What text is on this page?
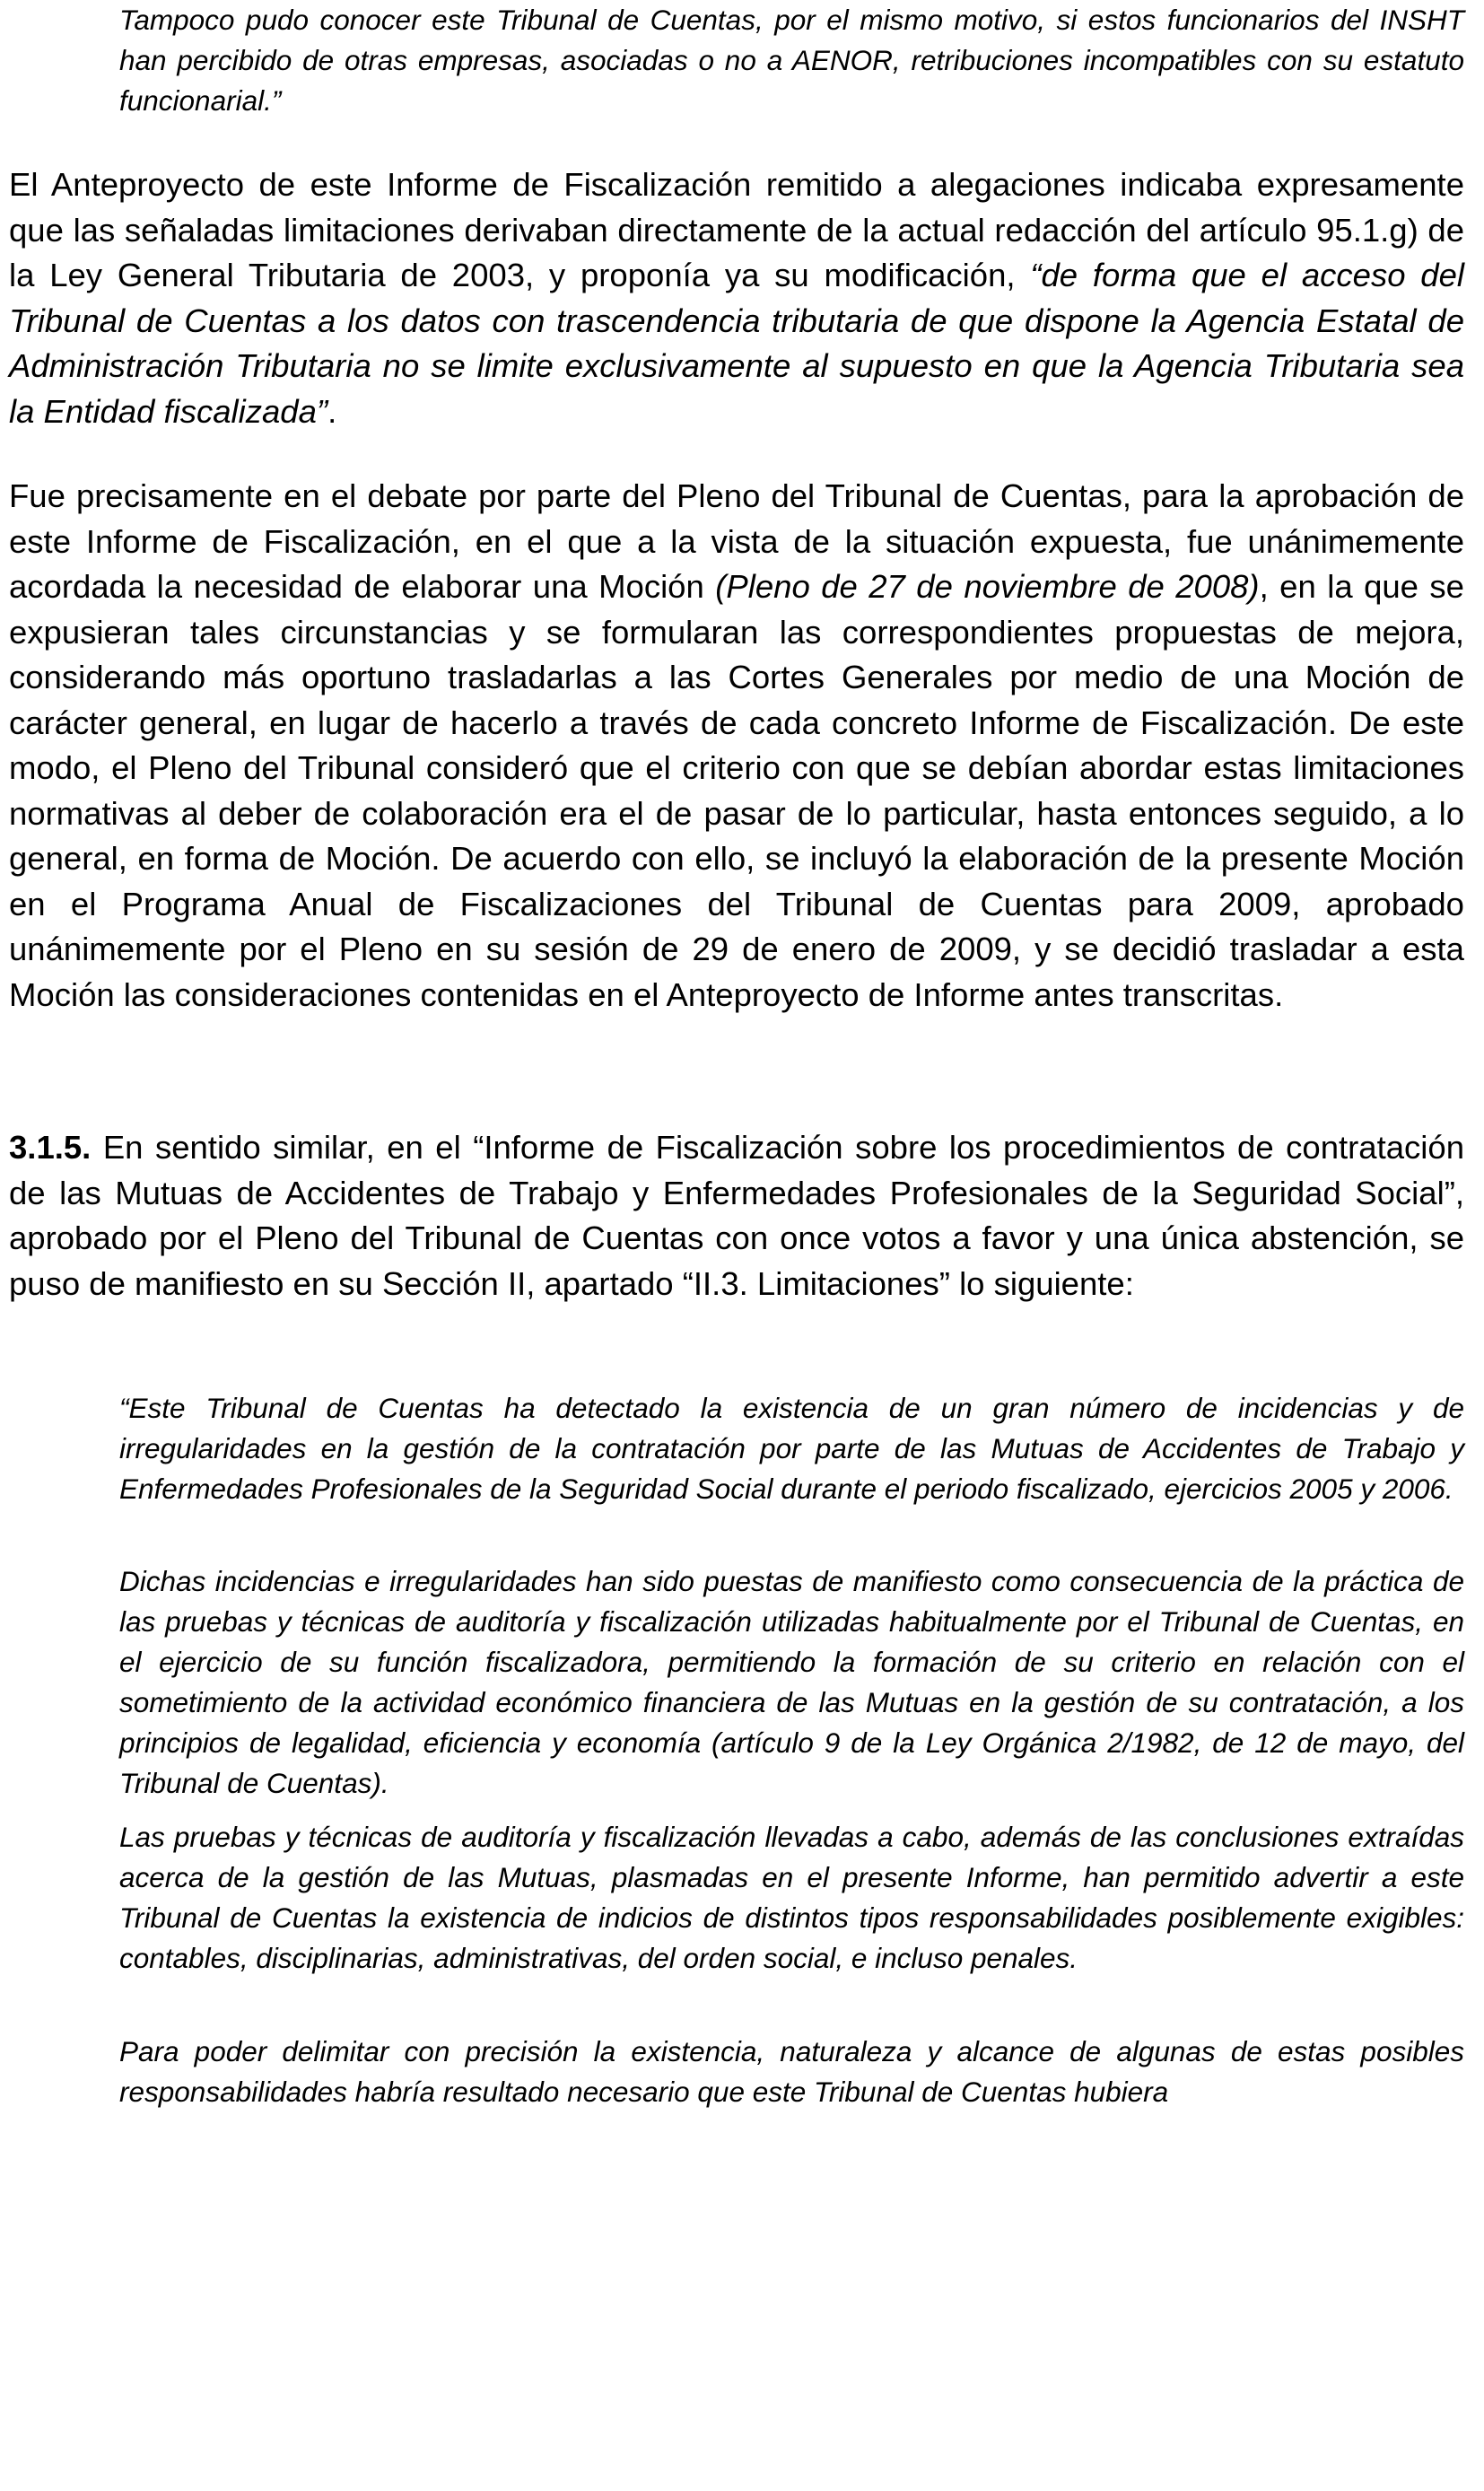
Tampoco pudo conocer este Tribunal de Cuentas, por el mismo motivo, si estos funcionarios del INSHT han percibido de otras empresas, asociadas o no a AENOR, retribuciones incompatibles con su estatuto funcionarial.”

El Anteproyecto de este Informe de Fiscalización remitido a alegaciones indicaba expresamente que las señaladas limitaciones derivaban directamente de la actual redacción del artículo 95.1.g) de la Ley General Tributaria de 2003, y proponía ya su modificación, “de forma que el acceso del Tribunal de Cuentas a los datos con trascendencia tributaria de que dispone la Agencia Estatal de Administración Tributaria no se limite exclusivamente al supuesto en que la Agencia Tributaria sea la Entidad fiscalizada”.

Fue precisamente en el debate por parte del Pleno del Tribunal de Cuentas, para la aprobación de este Informe de Fiscalización, en el que a la vista de la situación expuesta, fue unánimemente acordada la necesidad de elaborar una Moción (Pleno de 27 de noviembre de 2008), en la que se expusieran tales circunstancias y se formularan las correspondientes propuestas de mejora, considerando más oportuno trasladarlas a las Cortes Generales por medio de una Moción de carácter general, en lugar de hacerlo a través de cada concreto Informe de Fiscalización. De este modo, el Pleno del Tribunal consideró que el criterio con que se debían abordar estas limitaciones normativas al deber de colaboración era el de pasar de lo particular, hasta entonces seguido, a lo general, en forma de Moción. De acuerdo con ello, se incluyó la elaboración de la presente Moción en el Programa Anual de Fiscalizaciones del Tribunal de Cuentas para 2009, aprobado unánimemente por el Pleno en su sesión de 29 de enero de 2009, y se decidió trasladar a esta Moción las consideraciones contenidas en el Anteproyecto de Informe antes transcritas.

3.1.5. En sentido similar, en el “Informe de Fiscalización sobre los procedimientos de contratación de las Mutuas de Accidentes de Trabajo y Enfermedades Profesionales de la Seguridad Social”, aprobado por el Pleno del Tribunal de Cuentas con once votos a favor y una única abstención, se puso de manifiesto en su Sección II, apartado “II.3. Limitaciones” lo siguiente:

“Este Tribunal de Cuentas ha detectado la existencia de un gran número de incidencias y de irregularidades en la gestión de la contratación por parte de las Mutuas de Accidentes de Trabajo y Enfermedades Profesionales de la Seguridad Social durante el periodo fiscalizado, ejercicios 2005 y 2006.

Dichas incidencias e irregularidades han sido puestas de manifiesto como consecuencia de la práctica de las pruebas y técnicas de auditoría y fiscalización utilizadas habitualmente por el Tribunal de Cuentas, en el ejercicio de su función fiscalizadora, permitiendo la formación de su criterio en relación con el sometimiento de la actividad económico financiera de las Mutuas en la gestión de su contratación, a los principios de legalidad, eficiencia y economía (artículo 9 de la Ley Orgánica 2/1982, de 12 de mayo, del Tribunal de Cuentas).

Las pruebas y técnicas de auditoría y fiscalización llevadas a cabo, además de las conclusiones extraídas acerca de la gestión de las Mutuas, plasmadas en el presente Informe, han permitido advertir a este Tribunal de Cuentas la existencia de indicios de distintos tipos responsabilidades posiblemente exigibles: contables, disciplinarias, administrativas, del orden social, e incluso penales.

Para poder delimitar con precisión la existencia, naturaleza y alcance de algunas de estas posibles responsabilidades habría resultado necesario que este Tribunal de Cuentas hubiera
